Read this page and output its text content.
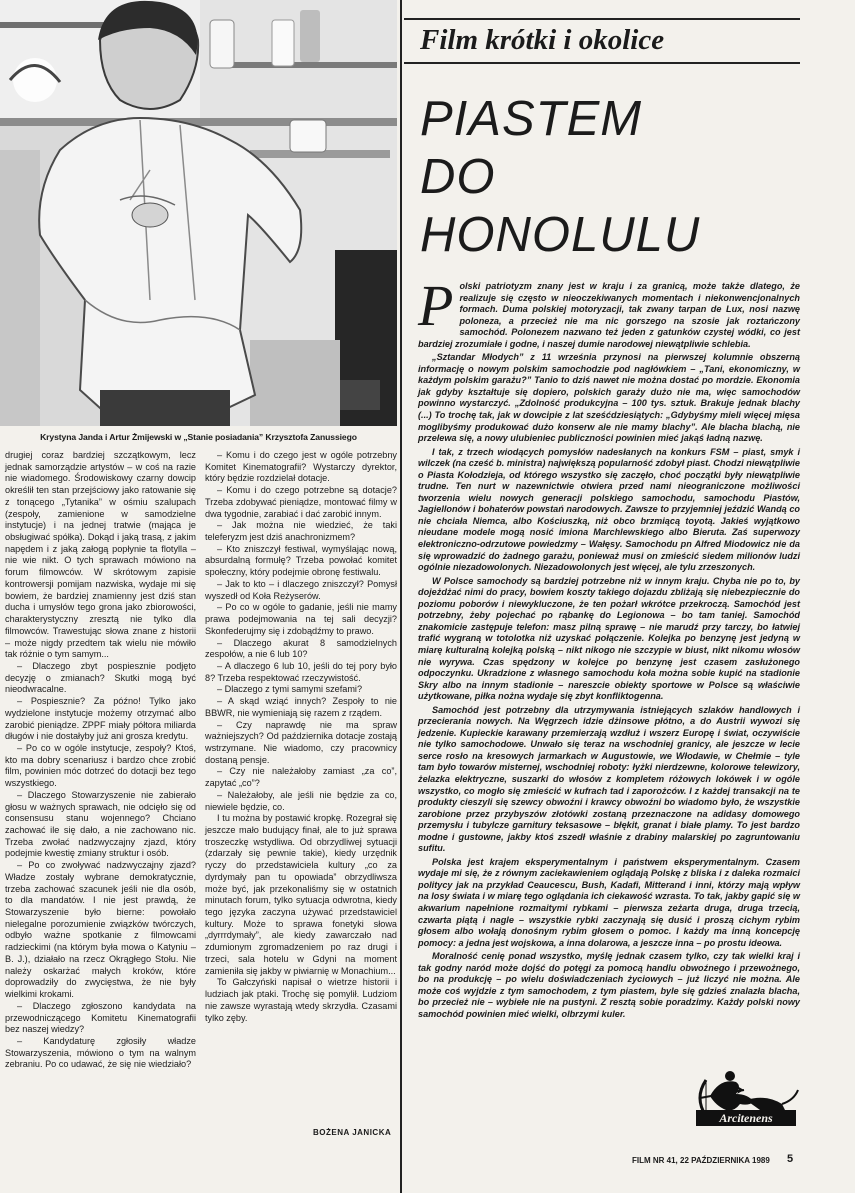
Krystyna Janda i Artur Żmijewski w „Stanie posiadania” Krzysztofa Zanussiego
Film krótki i okolice
PIASTEM
DO
HONOLULU

Polski patriotyzm znany jest w kraju i za granicą, może także dlatego, że realizuje się często w nieoczekiwanych momentach i niekonwencjonalnych formach. Duma polskiej motoryzacji, tak zwany tarpan de Lux, nosi nazwę poloneza, a przecież nie ma nic gorszego na szosie jak roztańczony samochód. Polonezem nazwano też jeden z gatunków czystej wódki, co jest bardziej zrozumiałe i godne, i naszej dumie narodowej niewątpliwie schlebia.

„Sztandar Młodych” z 11 września przynosi na pierwszej kolumnie obszerną informację o nowym polskim samochodzie pod nagłówkiem – „Tani, ekonomiczny, w każdym polskim garażu?” Tanio to dziś nawet nie można dostać po mordzie. Ekonomia jak gdyby kształtuje się dopiero, polskich garaży dużo nie ma, więc samochodów powinno wystarczyć. „Zdolność produkcyjna – 100 tys. sztuk. Brakuje jednak blachy (...) To trochę tak, jak w dowcipie z lat sześćdziesiątych: „Gdybyśmy mieli więcej mięsa moglibyśmy produkować dużo konserw ale nie mamy blachy”. Ale blacha blachą, nie przelewa się, a nowy ulubieniec publiczności powinien mieć jakąś ładną nazwę.

I tak, z trzech wiodących pomysłów nadesłanych na konkurs FSM – piast, smyk i wilczek (na cześć b. ministra) największą popularność zdobył piast. Chodzi niewątpliwie o Piasta Kołodzieja, od którego wszystko się zaczęło, choć początki były niewątpliwie trudne. Ten nurt w nazewnictwie otwiera przed nami nieograniczone możliwości tworzenia wielu nowych generacji polskiego samochodu, samochodu Piastów, Jagiellonów i bohaterów powstań narodowych. Zawsze to przyjemniej jeździć Wandą co nie chciała Niemca, albo Kościuszką, niż obco brzmiącą toyotą. Jakieś wyjątkowo nieudane modele mogą nosić imiona Marchlewskiego albo Bieruta. Zaś superwozy elektroniczno-odrzutowe powiedzmy – Wałęsy. Samochodu pn Alfred Miodowicz nie da się wprowadzić do żadnego garażu, ponieważ musi on zmieścić siedem milionów ludzi ogólnie niezadowolonych. Niezadowolonych jest więcej, ale tylu zrzeszonych.

W Polsce samochody są bardziej potrzebne niż w innym kraju. Chyba nie po to, by dojeżdżać nimi do pracy, bowiem koszty takiego dojazdu zbliżają się niebezpiecznie do poziomu poborów i niewykluczone, że ten pożarł wkrótce przekroczą. Samochód jest potrzebny, żeby pojechać po rąbankę do Legionowa – bo tam taniej. Samochód znakomicie zastępuje telefon: masz pilną sprawę – nie marudź przy tarczy, bo łatwiej trafić wygraną w totolotka niż uzyskać połączenie. Kolejka po benzynę jest jedyną w miarę kulturalną kolejką polską – nikt nikogo nie szczypie w biust, nikt nikomu włosów nie wyrywa. Czas spędzony w kolejce po benzynę jest czasem zasłużonego odpoczynku. Ukradzione z własnego samochodu koła można sobie kupić na stadionie Skry albo na innym stadionie – nareszcie obiekty sportowe w Polsce są właściwie użytkowane, piłka nożna wydaje się zbyt konfliktogenna.

Samochód jest potrzebny dla utrzymywania istniejących szlaków handlowych i przecierania nowych. Na Węgrzech idzie dżinsowe płótno, a do Austrii wywozi się jedzenie. Kupieckie karawany przemierzają wzdłuż i wszerz Europę i świat, oczywiście nie tylko samochodowe. Unwało się teraz na wschodniej granicy, ale jeszcze w lecie serce rosło na kresowych jarmarkach w Augustowie, we Włodawie, w Chełmie – tyle tam było towarów misternej, wschodniej roboty: łyżki nierdzewne, kolorowe telewizory, żelazka elektryczne, suszarki do włosów z kompletem różowych lokówek i w ogóle wszystko, co mogło się zmieścić w kufrach tad i zaporożców. I z każdej transakcji na te produkty cieszyli się szewcy obwoźni i krawcy obwoźni bo wiadomo było, że wszystkie zarobione przez przybyszów złotówki zostaną przeznaczone na adidasy domowego przemysłu i tubylcze garnitury teksasowe – błękit, granat i białe plamy. To jest bardzo modne i gustowne, jakby ktoś zszedł właśnie z drabiny malarskiej po zagruntowaniu sufitu.

Polska jest krajem eksperymentalnym i państwem eksperymentalnym. Czasem wydaje mi się, że z równym zaciekawieniem oglądają Polskę z bliska i z daleka rozmaici politycy jak na przykład Ceaucescu, Bush, Kadafi, Mitterand i inni, którzy mają wpływ na losy świata i w miarę tego oglądania ich ciekawość wzrasta. To tak, jakby gapić się w akwarium napełnione rozmaitymi rybkami – pierwsza zeżarta druga, druga trzecią, czwarta piątą i nagle – wszystkie rybki zaczynają się dusić i proszą cichym rybim głosem albo wołają donośnym rybim głosem o pomoc. I każdy ma inną koncepcję pomocy: a jedna jest wojskowa, a inna dolarowa, a jeszcze inna – po prostu ideowa.

Moralność cenię ponad wszystko, myślę jednak czasem tylko, czy tak wielki kraj i tak godny naród może dojść do potęgi za pomocą handlu obwoźnego i przewożnego, bo na produkcję – po wielu doświadczeniach życiowych – już liczyć nie można. Ale może coś wyjdzie z tym samochodem, z tym piastem, byle się gdzieś znalazła blacha, bo przecież nie – wybiełe nie na pustyni. Z resztą sobie poradzimy. Każdy polski nowy samochód powinien mieć wielki, olbrzymi kuler.

drugiej coraz bardziej szczątkowym, lecz jednak samorządzie artystów – w coś na razie nie wiadomego. Środowiskowy czarny dowcip określił ten stan przejściowy jako ratowanie się z tonącego „Tytanika” w ośmiu szalupach (zespoły, zamienione w samodzielne instytucje) i na jednej tratwie (mająca je obsługiwać spółka). Dokąd i jaką trasą, z jakim napędem i z jaką załogą popłynie ta flotylla – nie wie nikt. O tych sprawach mówiono na forum filmowców. W skrótowym zapisie kontrowersji pomijam nazwiska, wydaje mi się bowiem, że bardziej znamienny jest dziś stan ducha i umysłów tego grona jako zbiorowości, charakterystyczny zresztą nie tylko dla filmowców. Trawestując słowa znane z historii – może nigdy przedtem tak wielu nie mówiło tak różnie o tym samym...

– Dlaczego zbyt pospiesznie podjęto decyzję o zmianach? Skutki mogą być nieodwracalne.

– Pospiesznie? Za późno! Tylko jako wydzielone instytucje możemy otrzymać albo zarobić pieniądze. ZPPF miały półtora miliarda długów i nie dostałyby już ani grosza kredytu.

– Po co w ogóle instytucje, zespoły? Ktoś, kto ma dobry scenariusz i bardzo chce zrobić film, powinien móc dotrzeć do dotacji bez tego wszystkiego.

– Dlaczego Stowarzyszenie nie zabierało głosu w ważnych sprawach, nie odcięło się od consensusu stanu wojennego? Chciano zachować ile się dało, a nie zachowano nic. Trzeba zwołać nadzwyczajny zjazd, który podejmie kwestię zmiany struktur i osób.

– Po co zwoływać nadzwyczajny zjazd? Władze zostały wybrane demokratycznie, trzeba zachować szacunek jeśli nie dla osób, to dla mandatów. I nie jest prawdą, że Stowarzyszenie było bierne: powołało nielegalne porozumienie związków twórczych, odbyło ważne spotkanie z filmowcami radzieckimi (na którym była mowa o Katyniu – B. J.), działało na rzecz Okrągłego Stołu. Nie należy oskarżać małych kroków, które doprowadziły do zwycięstwa, że nie były wielkimi krokami.

– Dlaczego zgłoszono kandydata na przewodniczącego Komitetu Kinematografii bez naszej wiedzy?

– Kandydaturę zgłosiły władze Stowarzyszenia, mówiono o tym na walnym zebraniu. Po co udawać, że się nie wiedziało?

– Komu i do czego jest w ogóle potrzebny Komitet Kinematografii? Wystarczy dyrektor, który będzie rozdzielał dotacje.

– Komu i do czego potrzebne są dotacje? Trzeba zdobywać pieniądze, montować filmy w dwa tygodnie, zarabiać i dać zarobić innym.

– Jak można nie wiedzieć, że taki teleferyzm jest dziś anachronizmem?

– Kto zniszczył festiwal, wymyślając nową, absurdalną formułę? Trzeba powołać komitet społeczny, który podejmie obronę festiwalu.

– Jak to kto – i dlaczego zniszczył? Pomysł wyszedł od Koła Reżyserów.

– Po co w ogóle to gadanie, jeśli nie mamy prawa podejmowania na tej sali decyzji? Skonfederujmy się i zdobądźmy to prawo.

– Dlaczego akurat 8 samodzielnych zespołów, a nie 6 lub 10?

– A dlaczego 6 lub 10, jeśli do tej pory było 8? Trzeba respektować rzeczywistość.

– Dlaczego z tymi samymi szefami?

– A skąd wziąć innych? Zespoły to nie BBWR, nie wymieniają się razem z rządem.

– Czy naprawdę nie ma spraw ważniejszych? Od października dotacje zostają wstrzymane. Nie wiadomo, czy pracownicy dostaną pensje.

– Czy nie należałoby zamiast „za co”, zapytać „co”?

– Należałoby, ale jeśli nie będzie za co, niewiele będzie, co.

I tu można by postawić kropkę. Rozegrał się jeszcze mało budujący finał, ale to już sprawa troszeczkę wstydliwa. Od obrzydliwej sytuacji (zdarzały się pewnie takie), kiedy urzędnik ryczy do przedstawiciela kultury „co za dyrdymały pan tu opowiada” obrzydliwsza może być, jak przekonaliśmy się w ostatnich minutach forum, tylko sytuacja odwrotna, kiedy tego języka zaczyna używać przedstawiciel kultury. Może to sprawa fonetyki słowa „dyrrrdymały”, ale kiedy zawarczało nad zdumionym zgromadzeniem po raz drugi i trzeci, sala hotelu w Gdyni na moment zamieniła się jakby w piwiarnię w Monachium...

To Gałczyński napisał o wietrze historii i ludziach jak ptaki. Trochę się pomylił. Ludziom nie zawsze wyrastają wtedy skrzydła. Czasami tylko zęby.

BOŻENA JANICKA
Arcitenens
FILM NR 41, 22 PAŹDZIERNIKA 1989 5
